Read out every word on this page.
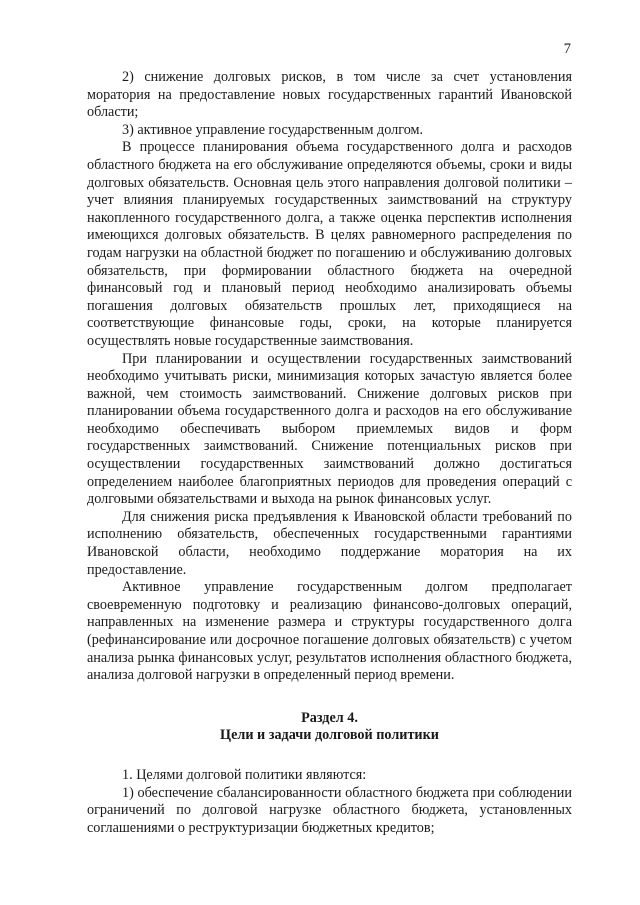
7

2) снижение долговых рисков, в том числе за счет установления моратория на предоставление новых государственных гарантий Ивановской области;

3) активное управление государственным долгом.

В процессе планирования объема государственного долга и расходов областного бюджета на его обслуживание определяются объемы, сроки и виды долговых обязательств. Основная цель этого направления долговой политики – учет влияния планируемых государственных заимствований на структуру накопленного государственного долга, а также оценка перспектив исполнения имеющихся долговых обязательств. В целях равномерного распределения по годам нагрузки на областной бюджет по погашению и обслуживанию долговых обязательств, при формировании областного бюджета на очередной финансовый год и плановый период необходимо анализировать объемы погашения долговых обязательств прошлых лет, приходящиеся на соответствующие финансовые годы, сроки, на которые планируется осуществлять новые государственные заимствования.

При планировании и осуществлении государственных заимствований необходимо учитывать риски, минимизация которых зачастую является более важной, чем стоимость заимствований. Снижение долговых рисков при планировании объема государственного долга и расходов на его обслуживание необходимо обеспечивать выбором приемлемых видов и форм государственных заимствований. Снижение потенциальных рисков при осуществлении государственных заимствований должно достигаться определением наиболее благоприятных периодов для проведения операций с долговыми обязательствами и выхода на рынок финансовых услуг.

Для снижения риска предъявления к Ивановской области требований по исполнению обязательств, обеспеченных государственными гарантиями Ивановской области, необходимо поддержание моратория на их предоставление.

Активное управление государственным долгом предполагает своевременную подготовку и реализацию финансово-долговых операций, направленных на изменение размера и структуры государственного долга (рефинансирование или досрочное погашение долговых обязательств) с учетом анализа рынка финансовых услуг, результатов исполнения областного бюджета, анализа долговой нагрузки в определенный период времени.

Раздел 4.
Цели и задачи долговой политики

1. Целями долговой политики являются:

1) обеспечение сбалансированности областного бюджета при соблюдении ограничений по долговой нагрузке областного бюджета, установленных соглашениями о реструктуризации бюджетных кредитов;
